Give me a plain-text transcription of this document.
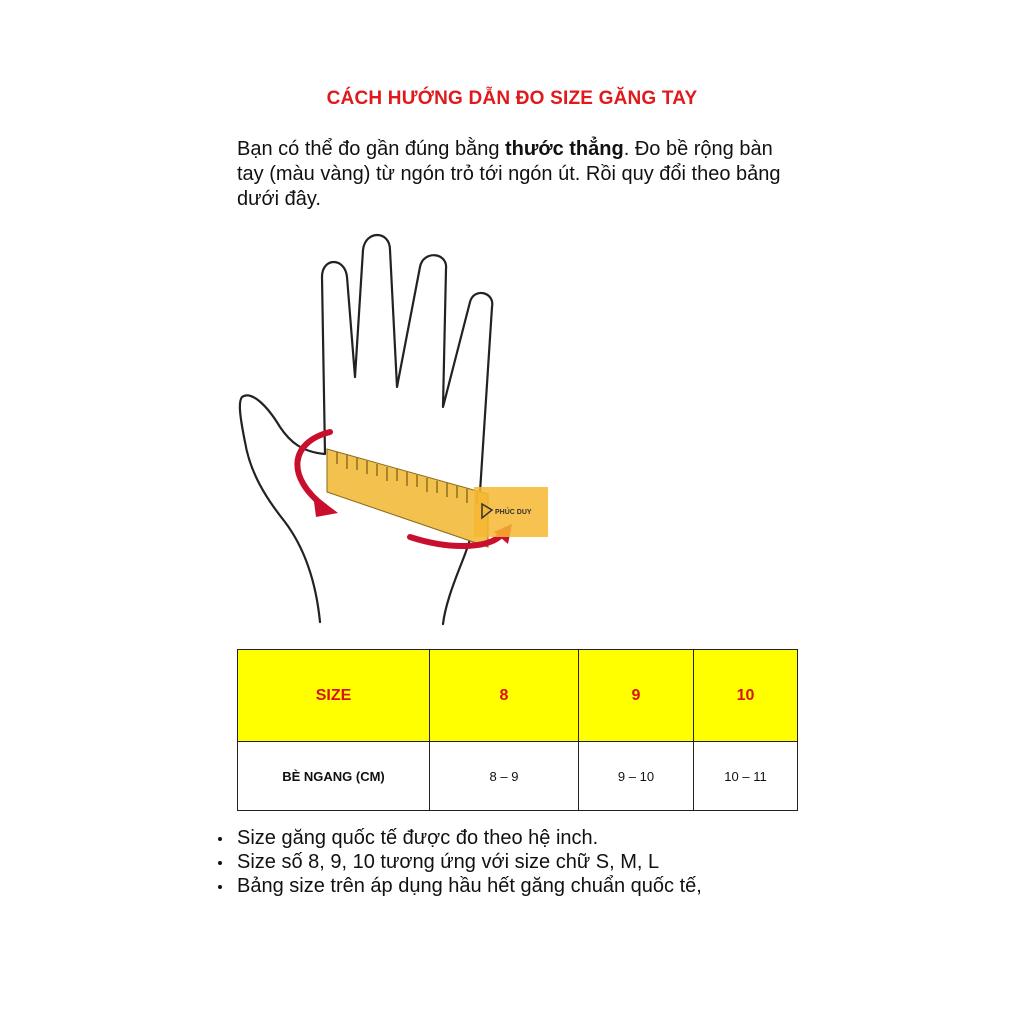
CÁCH HƯỚNG DẪN ĐO SIZE GĂNG TAY
Bạn có thể đo gần đúng bằng thước thẳng. Đo bề rộng bàn tay (màu vàng) từ ngón trỏ tới ngón út. Rồi quy đổi theo bảng dưới đây.
PHÚC DUY
SIZE	8	9	10
BÈ NGANG (CM)	8 – 9	9 – 10	10 – 11
Size găng quốc tế được đo theo hệ inch.
Size số 8, 9, 10 tương ứng với size chữ S, M, L
Bảng size trên áp dụng hầu hết găng chuẩn quốc tế,
